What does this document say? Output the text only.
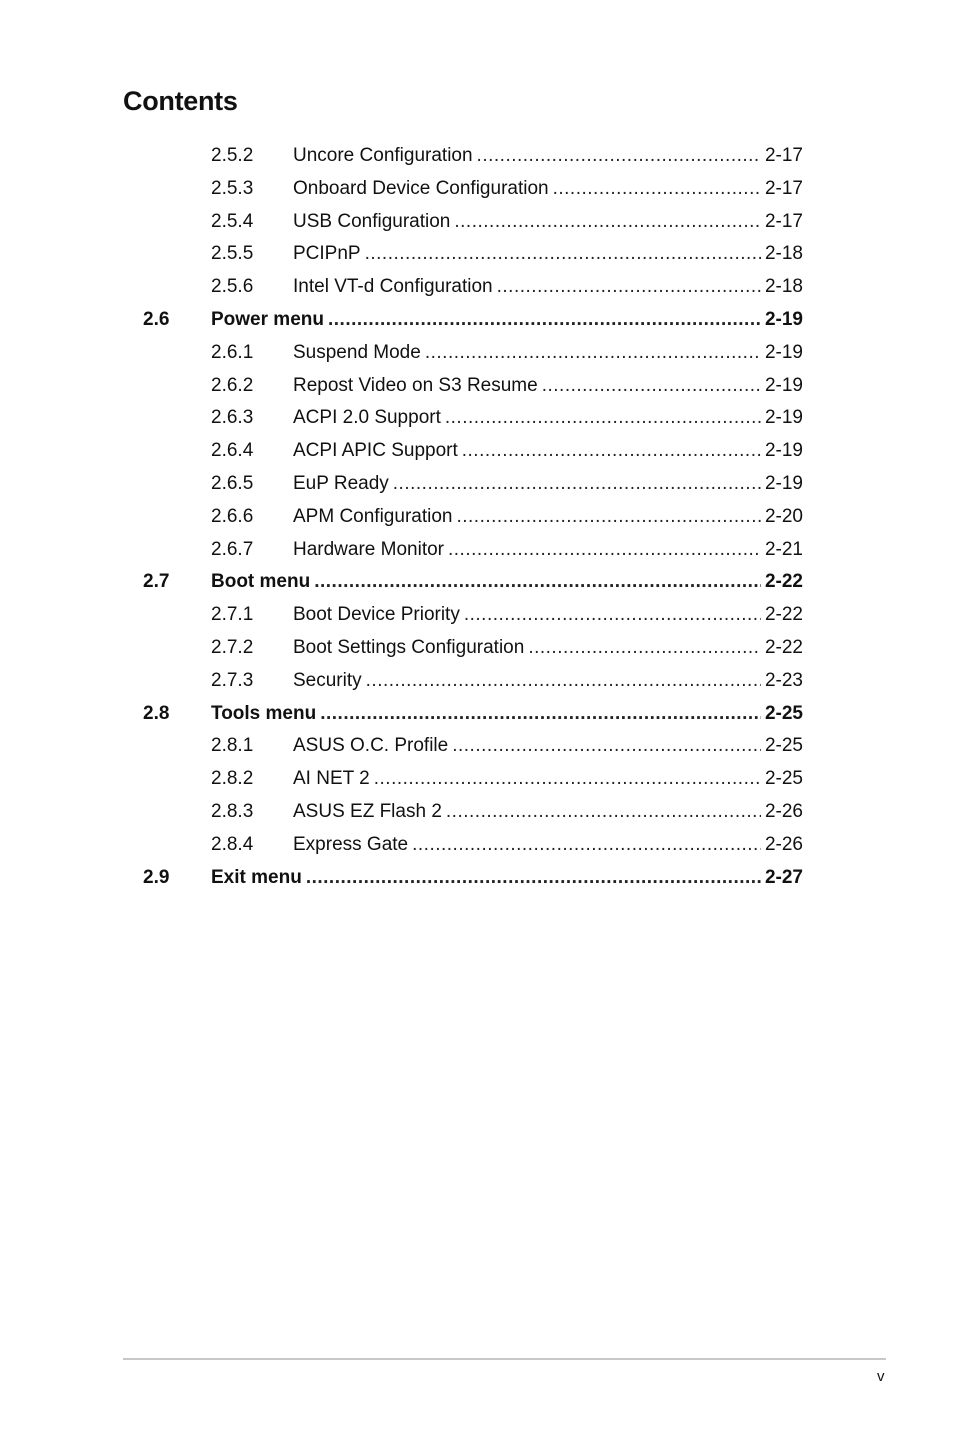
Contents
2.5.2 Uncore Configuration .....	2-17
2.5.3 Onboard Device Configuration .....	2-17
2.5.4 USB Configuration .....	2-17
2.5.5 PCIPnP .....	2-18
2.5.6 Intel VT-d Configuration .....	2-18
2.6 Power menu .....	2-19
2.6.1 Suspend Mode .....	2-19
2.6.2 Repost Video on S3 Resume .....	2-19
2.6.3 ACPI 2.0 Support .....	2-19
2.6.4 ACPI APIC Support .....	2-19
2.6.5 EuP Ready .....	2-19
2.6.6 APM Configuration .....	2-20
2.6.7 Hardware Monitor .....	2-21
2.7 Boot menu .....	2-22
2.7.1 Boot Device Priority .....	2-22
2.7.2 Boot Settings Configuration .....	2-22
2.7.3 Security .....	2-23
2.8 Tools menu .....	2-25
2.8.1 ASUS O.C. Profile .....	2-25
2.8.2 AI NET 2 .....	2-25
2.8.3 ASUS EZ Flash 2 .....	2-26
2.8.4 Express Gate .....	2-26
2.9 Exit menu .....	2-27
v
